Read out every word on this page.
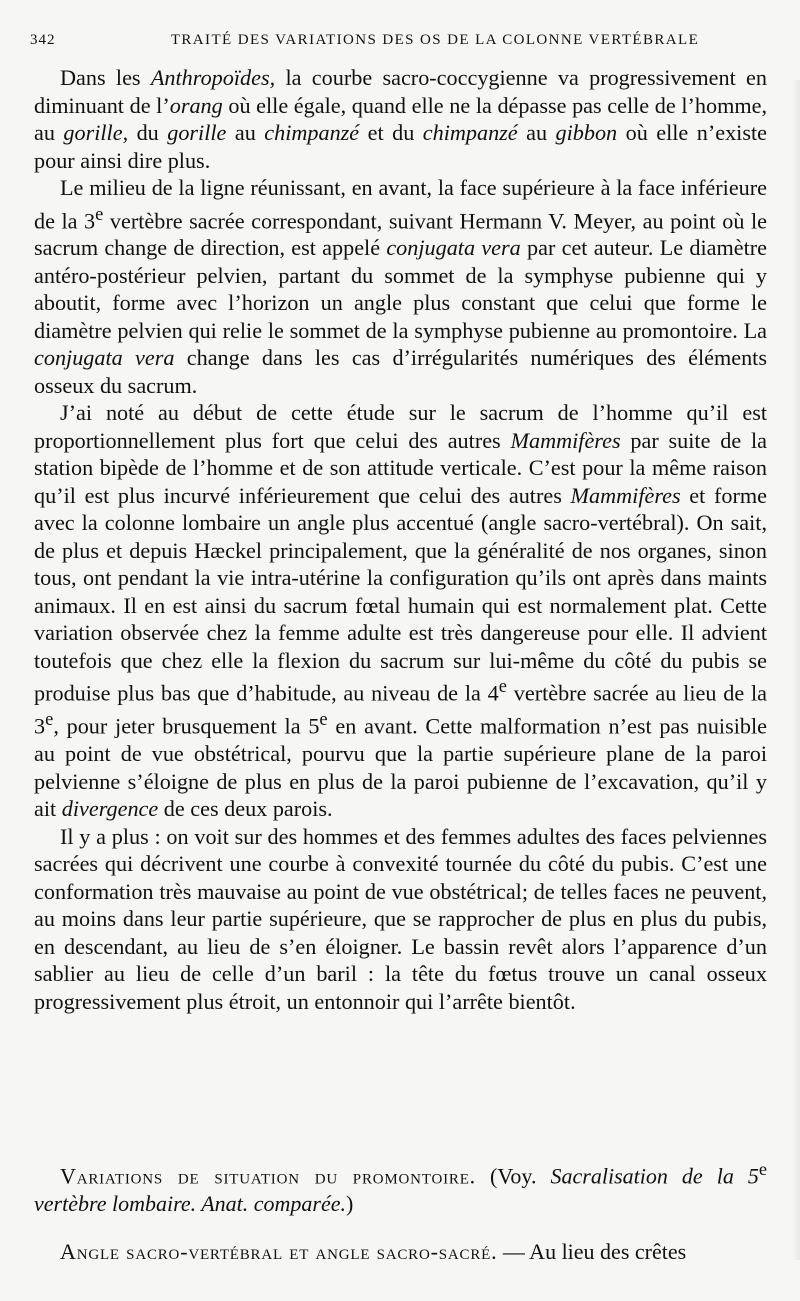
342	TRAITÉ DES VARIATIONS DES OS DE LA COLONNE VERTÉBRALE

Dans les Anthropoïdes, la courbe sacro-coccygienne va progressivement en diminuant de l’orang où elle égale, quand elle ne la dépasse pas celle de l’homme, au gorille, du gorille au chimpanzé et du chimpanzé au gibbon où elle n’existe pour ainsi dire plus.

Le milieu de la ligne réunissant, en avant, la face supérieure à la face inférieure de la 3e vertèbre sacrée correspondant, suivant Hermann V. Meyer, au point où le sacrum change de direction, est appelé conjugata vera par cet auteur. Le diamètre antéro-postérieur pelvien, partant du sommet de la symphyse pubienne qui y aboutit, forme avec l’horizon un angle plus constant que celui que forme le diamètre pelvien qui relie le sommet de la symphyse pubienne au promontoire. La conjugata vera change dans les cas d’irrégularités numériques des éléments osseux du sacrum.

J’ai noté au début de cette étude sur le sacrum de l’homme qu’il est proportionnellement plus fort que celui des autres Mammifères par suite de la station bipède de l’homme et de son attitude verticale. C’est pour la même raison qu’il est plus incurvé inférieurement que celui des autres Mammifères et forme avec la colonne lombaire un angle plus accentué (angle sacro-vertébral). On sait, de plus et depuis Hæckel principalement, que la généralité de nos organes, sinon tous, ont pendant la vie intra-utérine la configuration qu’ils ont après dans maints animaux. Il en est ainsi du sacrum fœtal humain qui est normalement plat. Cette variation observée chez la femme adulte est très dangereuse pour elle. Il advient toutefois que chez elle la flexion du sacrum sur lui-même du côté du pubis se produise plus bas que d’habitude, au niveau de la 4e vertèbre sacrée au lieu de la 3e, pour jeter brusquement la 5e en avant. Cette malformation n’est pas nuisible au point de vue obstétrical, pourvu que la partie supérieure plane de la paroi pelvienne s’éloigne de plus en plus de la paroi pubienne de l’excavation, qu’il y ait divergence de ces deux parois.

Il y a plus : on voit sur des hommes et des femmes adultes des faces pelviennes sacrées qui décrivent une courbe à convexité tournée du côté du pubis. C’est une conformation très mauvaise au point de vue obstétrical; de telles faces ne peuvent, au moins dans leur partie supérieure, que se rapprocher de plus en plus du pubis, en descendant, au lieu de s’en éloigner. Le bassin revêt alors l’apparence d’un sablier au lieu de celle d’un baril : la tête du fœtus trouve un canal osseux progressivement plus étroit, un entonnoir qui l’arrête bientôt.

Variations de situation du promontoire. (Voy. Sacralisation de la 5e vertèbre lombaire. Anat. comparée.)

Angle sacro-vertébral et angle sacro-sacré. — Au lieu des crêtes
